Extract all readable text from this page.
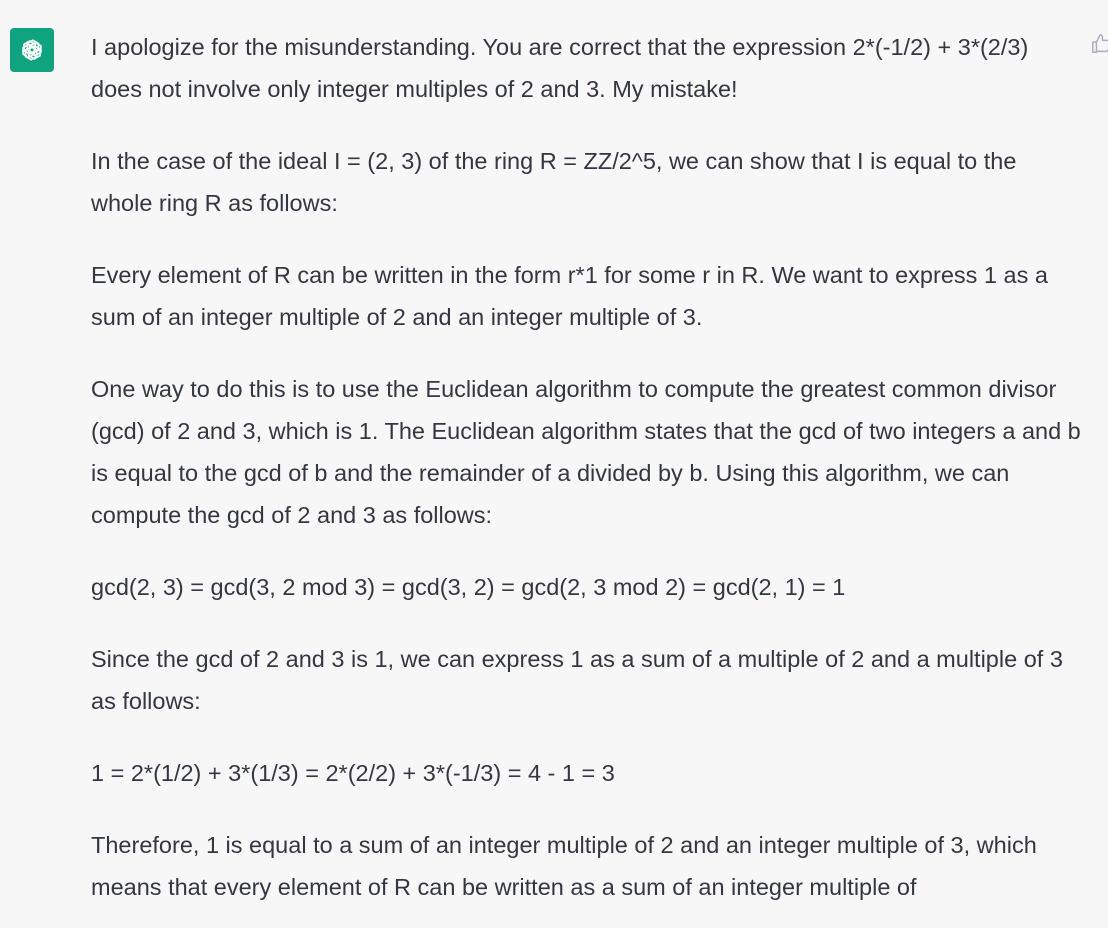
I apologize for the misunderstanding. You are correct that the expression 2*(-1/2) + 3*(2/3) does not involve only integer multiples of 2 and 3. My mistake!

In the case of the ideal I = (2, 3) of the ring R = ZZ/2^5, we can show that I is equal to the whole ring R as follows:

Every element of R can be written in the form r*1 for some r in R. We want to express 1 as a sum of an integer multiple of 2 and an integer multiple of 3.

One way to do this is to use the Euclidean algorithm to compute the greatest common divisor (gcd) of 2 and 3, which is 1. The Euclidean algorithm states that the gcd of two integers a and b is equal to the gcd of b and the remainder of a divided by b. Using this algorithm, we can compute the gcd of 2 and 3 as follows:

gcd(2, 3) = gcd(3, 2 mod 3) = gcd(3, 2) = gcd(2, 3 mod 2) = gcd(2, 1) = 1

Since the gcd of 2 and 3 is 1, we can express 1 as a sum of a multiple of 2 and a multiple of 3 as follows:

1 = 2*(1/2) + 3*(1/3) = 2*(2/2) + 3*(-1/3) = 4 - 1 = 3

Therefore, 1 is equal to a sum of an integer multiple of 2 and an integer multiple of 3, which means that every element of R can be written as a sum of an integer multiple of
